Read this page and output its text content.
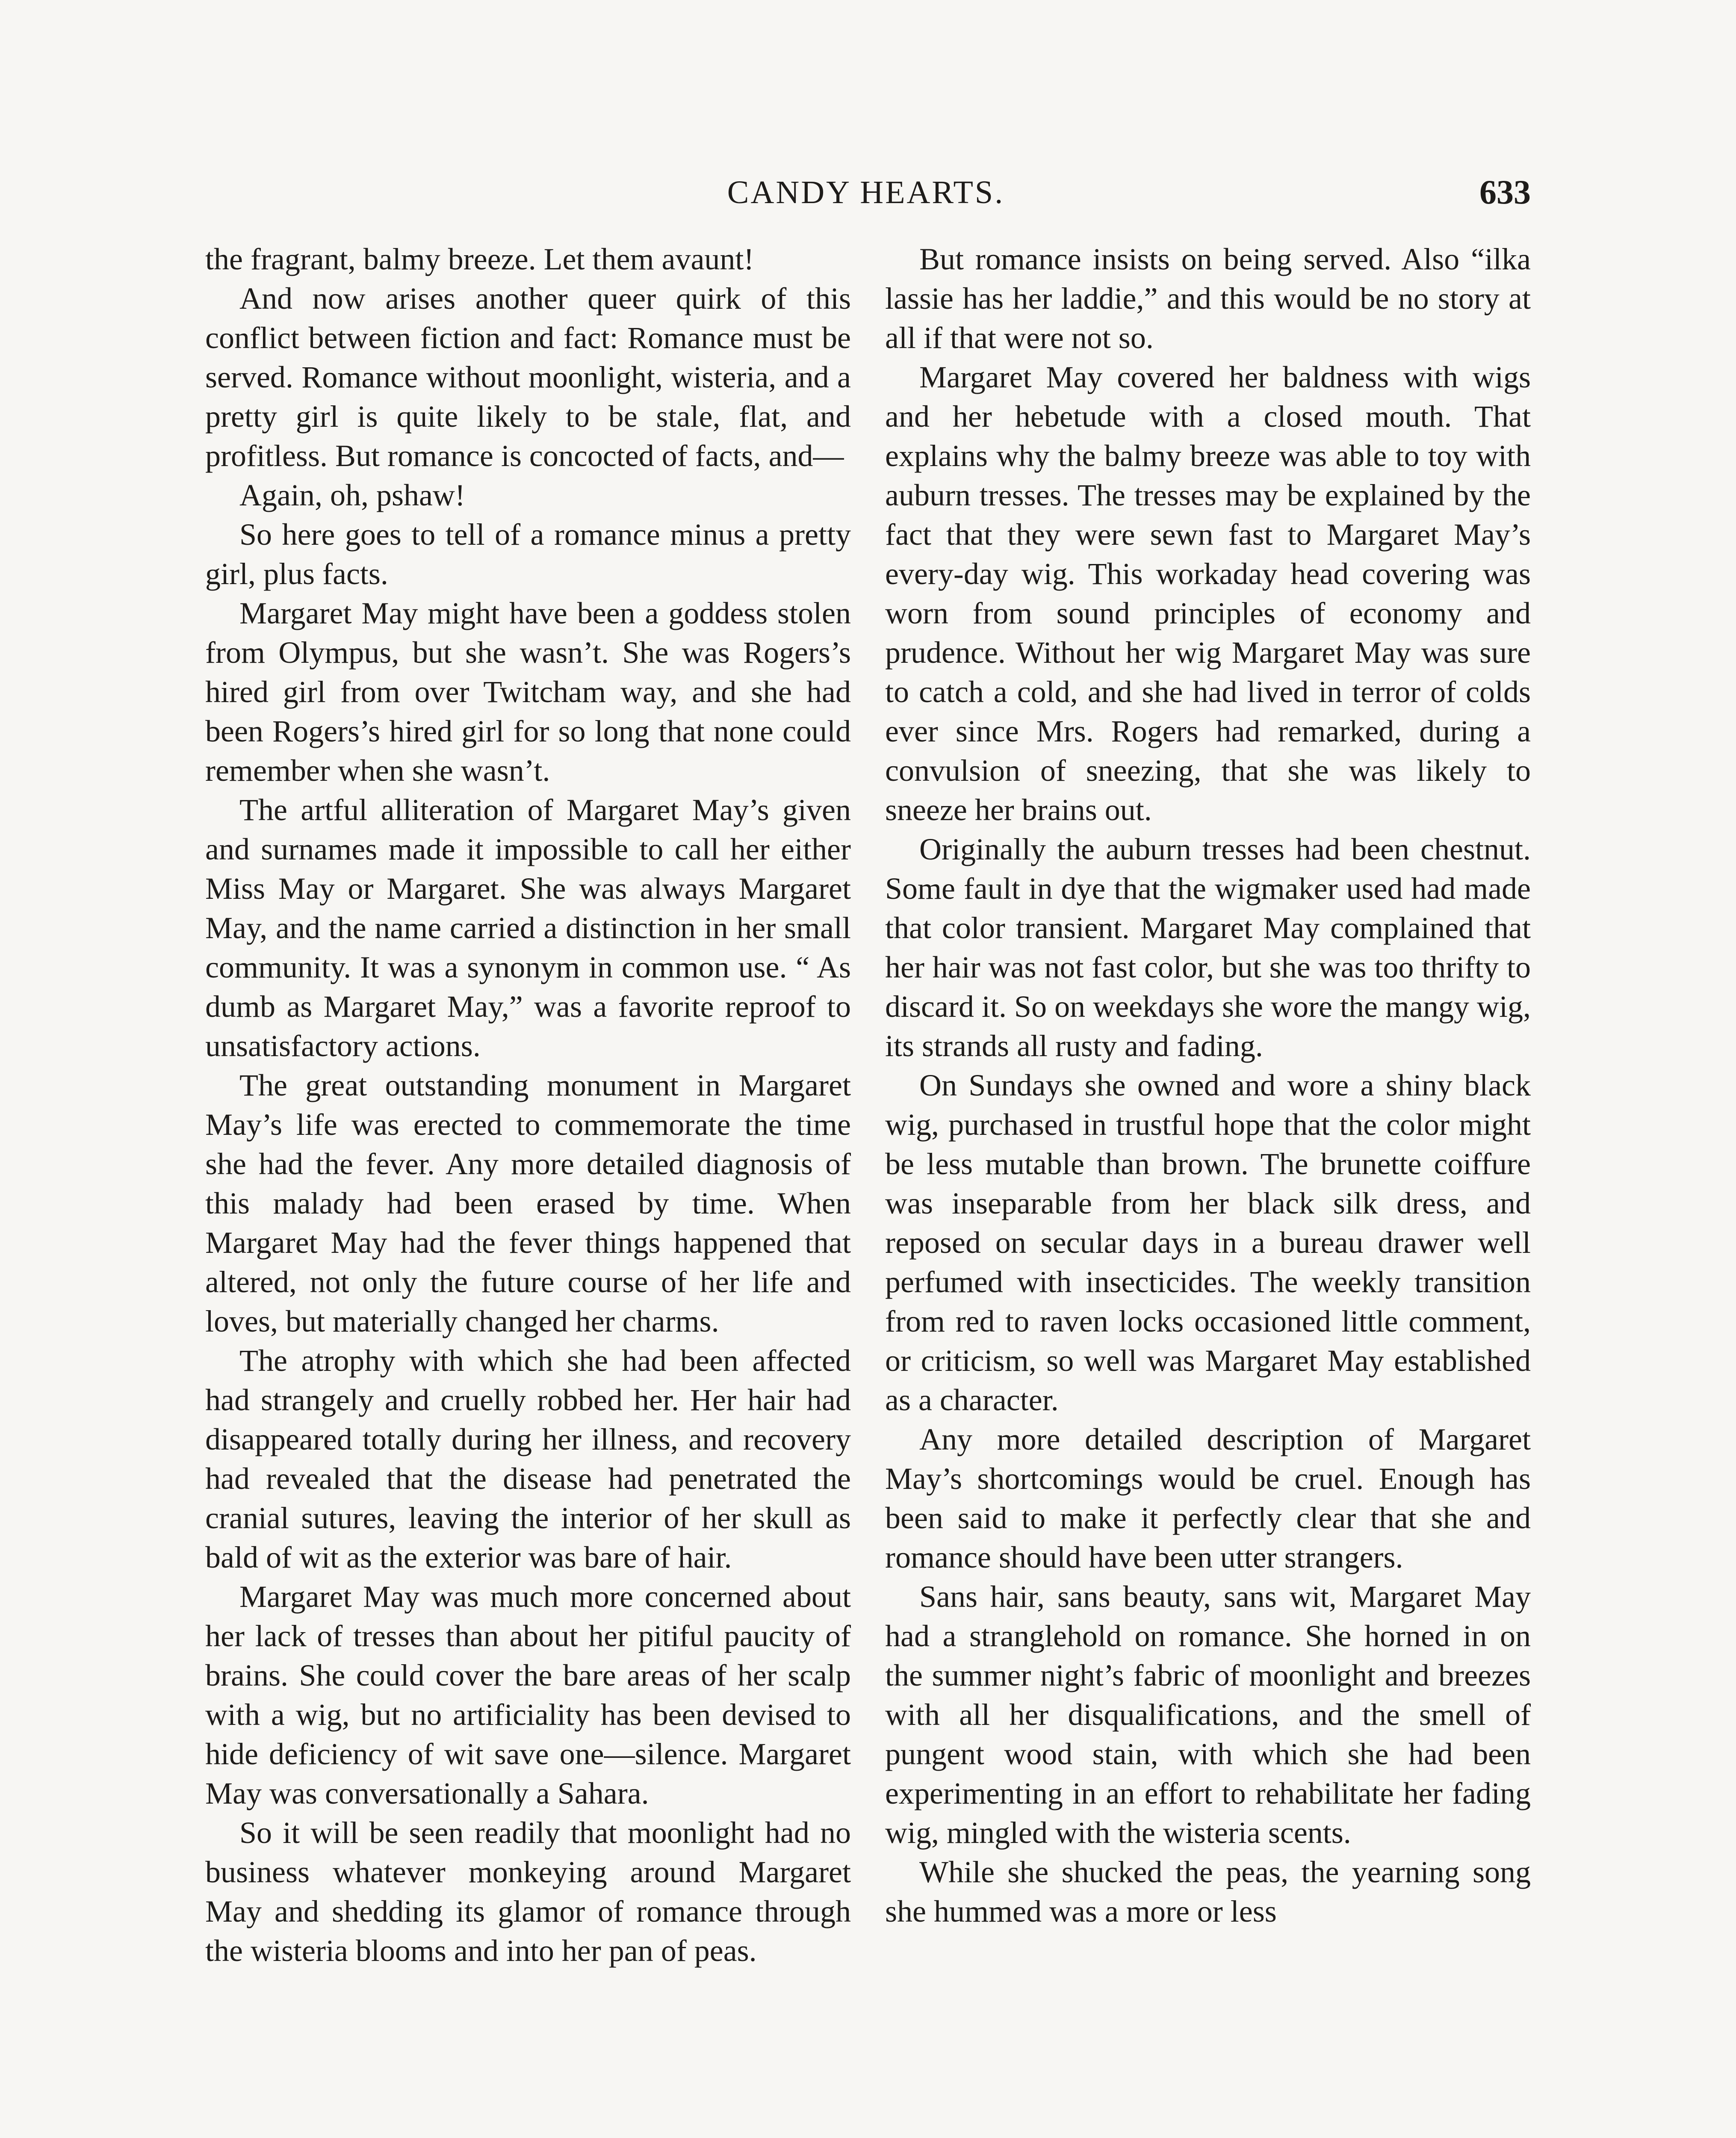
CANDY HEARTS.	633

the fragrant, balmy breeze. Let them avaunt!

And now arises another queer quirk of this conflict between fiction and fact: Romance must be served. Romance without moonlight, wisteria, and a pretty girl is quite likely to be stale, flat, and profitless. But romance is concocted of facts, and—

Again, oh, pshaw!

So here goes to tell of a romance minus a pretty girl, plus facts.

Margaret May might have been a goddess stolen from Olympus, but she wasn’t. She was Rogers’s hired girl from over Twitcham way, and she had been Rogers’s hired girl for so long that none could remember when she wasn’t.

The artful alliteration of Margaret May’s given and surnames made it impossible to call her either Miss May or Margaret. She was always Margaret May, and the name carried a distinction in her small community. It was a synonym in common use. “ As dumb as Margaret May,” was a favorite reproof to unsatisfactory actions.

The great outstanding monument in Margaret May’s life was erected to commemorate the time she had the fever. Any more detailed diagnosis of this malady had been erased by time. When Margaret May had the fever things happened that altered, not only the future course of her life and loves, but materially changed her charms.

The atrophy with which she had been affected had strangely and cruelly robbed her. Her hair had disappeared totally during her illness, and recovery had revealed that the disease had penetrated the cranial sutures, leaving the interior of her skull as bald of wit as the exterior was bare of hair.

Margaret May was much more concerned about her lack of tresses than about her pitiful paucity of brains. She could cover the bare areas of her scalp with a wig, but no artificiality has been devised to hide deficiency of wit save one—silence. Margaret May was conversationally a Sahara.

So it will be seen readily that moonlight had no business whatever monkeying around Margaret May and shedding its glamor of romance through the wisteria blooms and into her pan of peas.

But romance insists on being served. Also “ilka lassie has her laddie,” and this would be no story at all if that were not so.

Margaret May covered her baldness with wigs and her hebetude with a closed mouth. That explains why the balmy breeze was able to toy with auburn tresses. The tresses may be explained by the fact that they were sewn fast to Margaret May’s every-day wig. This workaday head covering was worn from sound principles of economy and prudence. Without her wig Margaret May was sure to catch a cold, and she had lived in terror of colds ever since Mrs. Rogers had remarked, during a convulsion of sneezing, that she was likely to sneeze her brains out.

Originally the auburn tresses had been chestnut. Some fault in dye that the wigmaker used had made that color transient. Margaret May complained that her hair was not fast color, but she was too thrifty to discard it. So on weekdays she wore the mangy wig, its strands all rusty and fading.

On Sundays she owned and wore a shiny black wig, purchased in trustful hope that the color might be less mutable than brown. The brunette coiffure was inseparable from her black silk dress, and reposed on secular days in a bureau drawer well perfumed with insecticides. The weekly transition from red to raven locks occasioned little comment, or criticism, so well was Margaret May established as a character.

Any more detailed description of Margaret May’s shortcomings would be cruel. Enough has been said to make it perfectly clear that she and romance should have been utter strangers.

Sans hair, sans beauty, sans wit, Margaret May had a stranglehold on romance. She horned in on the summer night’s fabric of moonlight and breezes with all her disqualifications, and the smell of pungent wood stain, with which she had been experimenting in an effort to rehabilitate her fading wig, mingled with the wisteria scents.

While she shucked the peas, the yearning song she hummed was a more or less
